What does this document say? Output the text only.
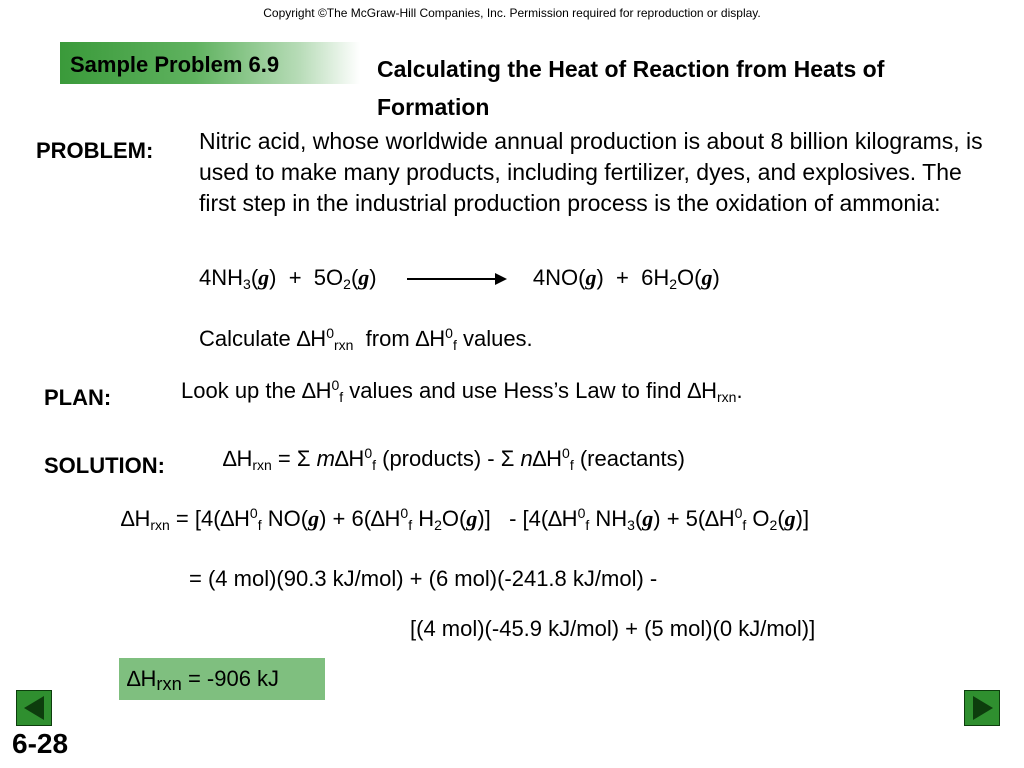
Copyright ©The McGraw-Hill Companies, Inc. Permission required for reproduction or display.
Sample Problem 6.9	Calculating the Heat of Reaction from Heats of Formation
PROBLEM: Nitric acid, whose worldwide annual production is about 8 billion kilograms, is used to make many products, including fertilizer, dyes, and explosives. The first step in the industrial production process is the oxidation of ammonia:
$4NH_3(g) + 5O_2(g)$	$4NO(g) + 6H_2O(g)$
Calculate $\Delta H^0_{rxn}$  from $\Delta H^0_f$ values.
PLAN:	Look up the $\Delta H^0_f$ values and use Hess’s Law to find $\Delta H_{rxn}$.
SOLUTION:	$\Delta H_{rxn} = \Sigma$ $m\Delta H^0_f$ (products) - Σ $n\Delta H^0_f$ (reactants)
$\Delta H_{rxn} = [4(\Delta H^0_f$ $NO(g) + 6(\Delta H^0_f$ $H_2O(g)] - [4(\Delta H^0_f$ $NH_3(g) + 5(\Delta H^0_f$ $O_2(g)$]
= (4 mol)(90.3 kJ/mol) + (6 mol)(-241.8 kJ/mol) -
[(4 mol)(-45.9 kJ/mol) + (5 mol)(0 kJ/mol)]
$\Delta H_{rxn} = -906$ kJ
6-28
